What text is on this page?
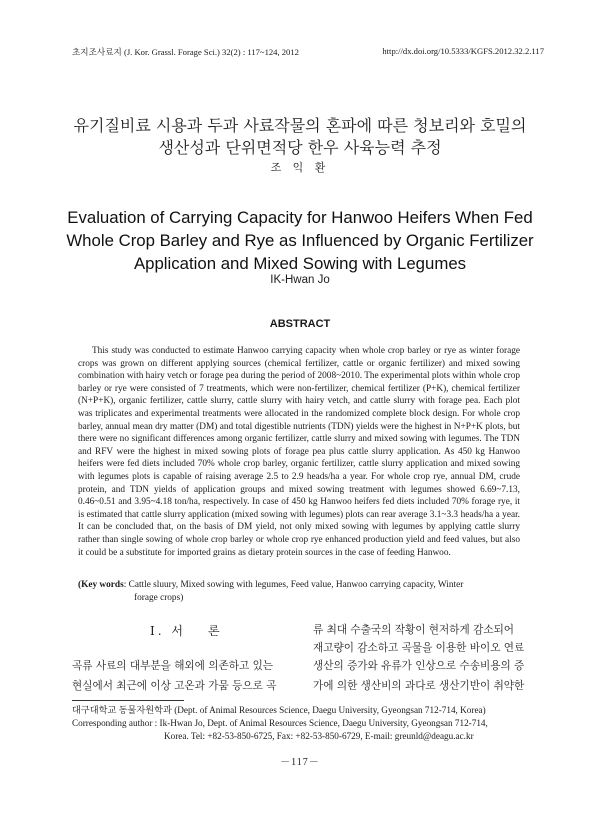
초지조사료지 (J. Kor. Grassl. Forage Sci.) 32(2) : 117~124, 2012	http://dx.doi.org/10.5333/KGFS.2012.32.2.117
유기질비료 시용과 두과 사료작물의 혼파에 따른 청보리와 호밀의
생산성과 단위면적당 한우 사육능력 추정
조 익 환
Evaluation of Carrying Capacity for Hanwoo Heifers When Fed
Whole Crop Barley and Rye as Influenced by Organic Fertilizer
Application and Mixed Sowing with Legumes
IK-Hwan Jo
ABSTRACT

This study was conducted to estimate Hanwoo carrying capacity when whole crop barley or rye as winter forage crops was grown on different applying sources (chemical fertilizer, cattle or organic fertilizer) and mixed sowing combination with hairy vetch or forage pea during the period of 2008~2010. The experimental plots within whole crop barley or rye were consisted of 7 treatments, which were non-fertilizer, chemical fertilizer (P+K), chemical fertilizer (N+P+K), organic fertilizer, cattle slurry, cattle slurry with hairy vetch, and cattle slurry with forage pea. Each plot was triplicates and experimental treatments were allocated in the randomized complete block design. For whole crop barley, annual mean dry matter (DM) and total digestible nutrients (TDN) yields were the highest in N+P+K plots, but there were no significant differences among organic fertilizer, cattle slurry and mixed sowing with legumes. The TDN and RFV were the highest in mixed sowing plots of forage pea plus cattle slurry application. As 450 kg Hanwoo heifers were fed diets included 70% whole crop barley, organic fertilizer, cattle slurry application and mixed sowing with legumes plots is capable of raising average 2.5 to 2.9 heads/ha a year. For whole crop rye, annual DM, crude protein, and TDN yields of application groups and mixed sowing treatment with legumes showed 6.69~7.13, 0.46~0.51 and 3.95~4.18 ton/ha, respectively. In case of 450 kg Hanwoo heifers fed diets included 70% forage rye, it is estimated that cattle slurry application (mixed sowing with legumes) plots can rear average 3.1~3.3 heads/ha a year. It can be concluded that, on the basis of DM yield, not only mixed sowing with legumes by applying cattle slurry rather than single sowing of whole crop barley or whole crop rye enhanced production yield and feed values, but also it could be a substitute for imported grains as dietary protein sources in the case of feeding Hanwoo.

(Key words: Cattle sluury, Mixed sowing with legumes, Feed value, Hanwoo carrying capacity, Winter
forage crops)
Ⅰ. 서 론
곡류 사료의 대부분을 해외에 의존하고 있는
현실에서 최근에 이상 고온과 가뭄 등으로 곡
류 최대 수출국의 작황이 현저하게 감소되어
재고량이 감소하고 곡물을 이용한 바이오 연료
생산의 증가와 유류가 인상으로 수송비용의 증
가에 의한 생산비의 과다로 생산기반이 취약한
대구대학교 동물자원학과 (Dept. of Animal Resources Science, Daegu University, Gyeongsan 712-714, Korea)
Corresponding author : Ik-Hwan Jo, Dept. of Animal Resources Science, Daegu University, Gyeongsan 712-714,
Korea. Tel: +82-53-850-6725, Fax: +82-53-850-6729, E-mail: greunld@deagu.ac.kr
－117－
